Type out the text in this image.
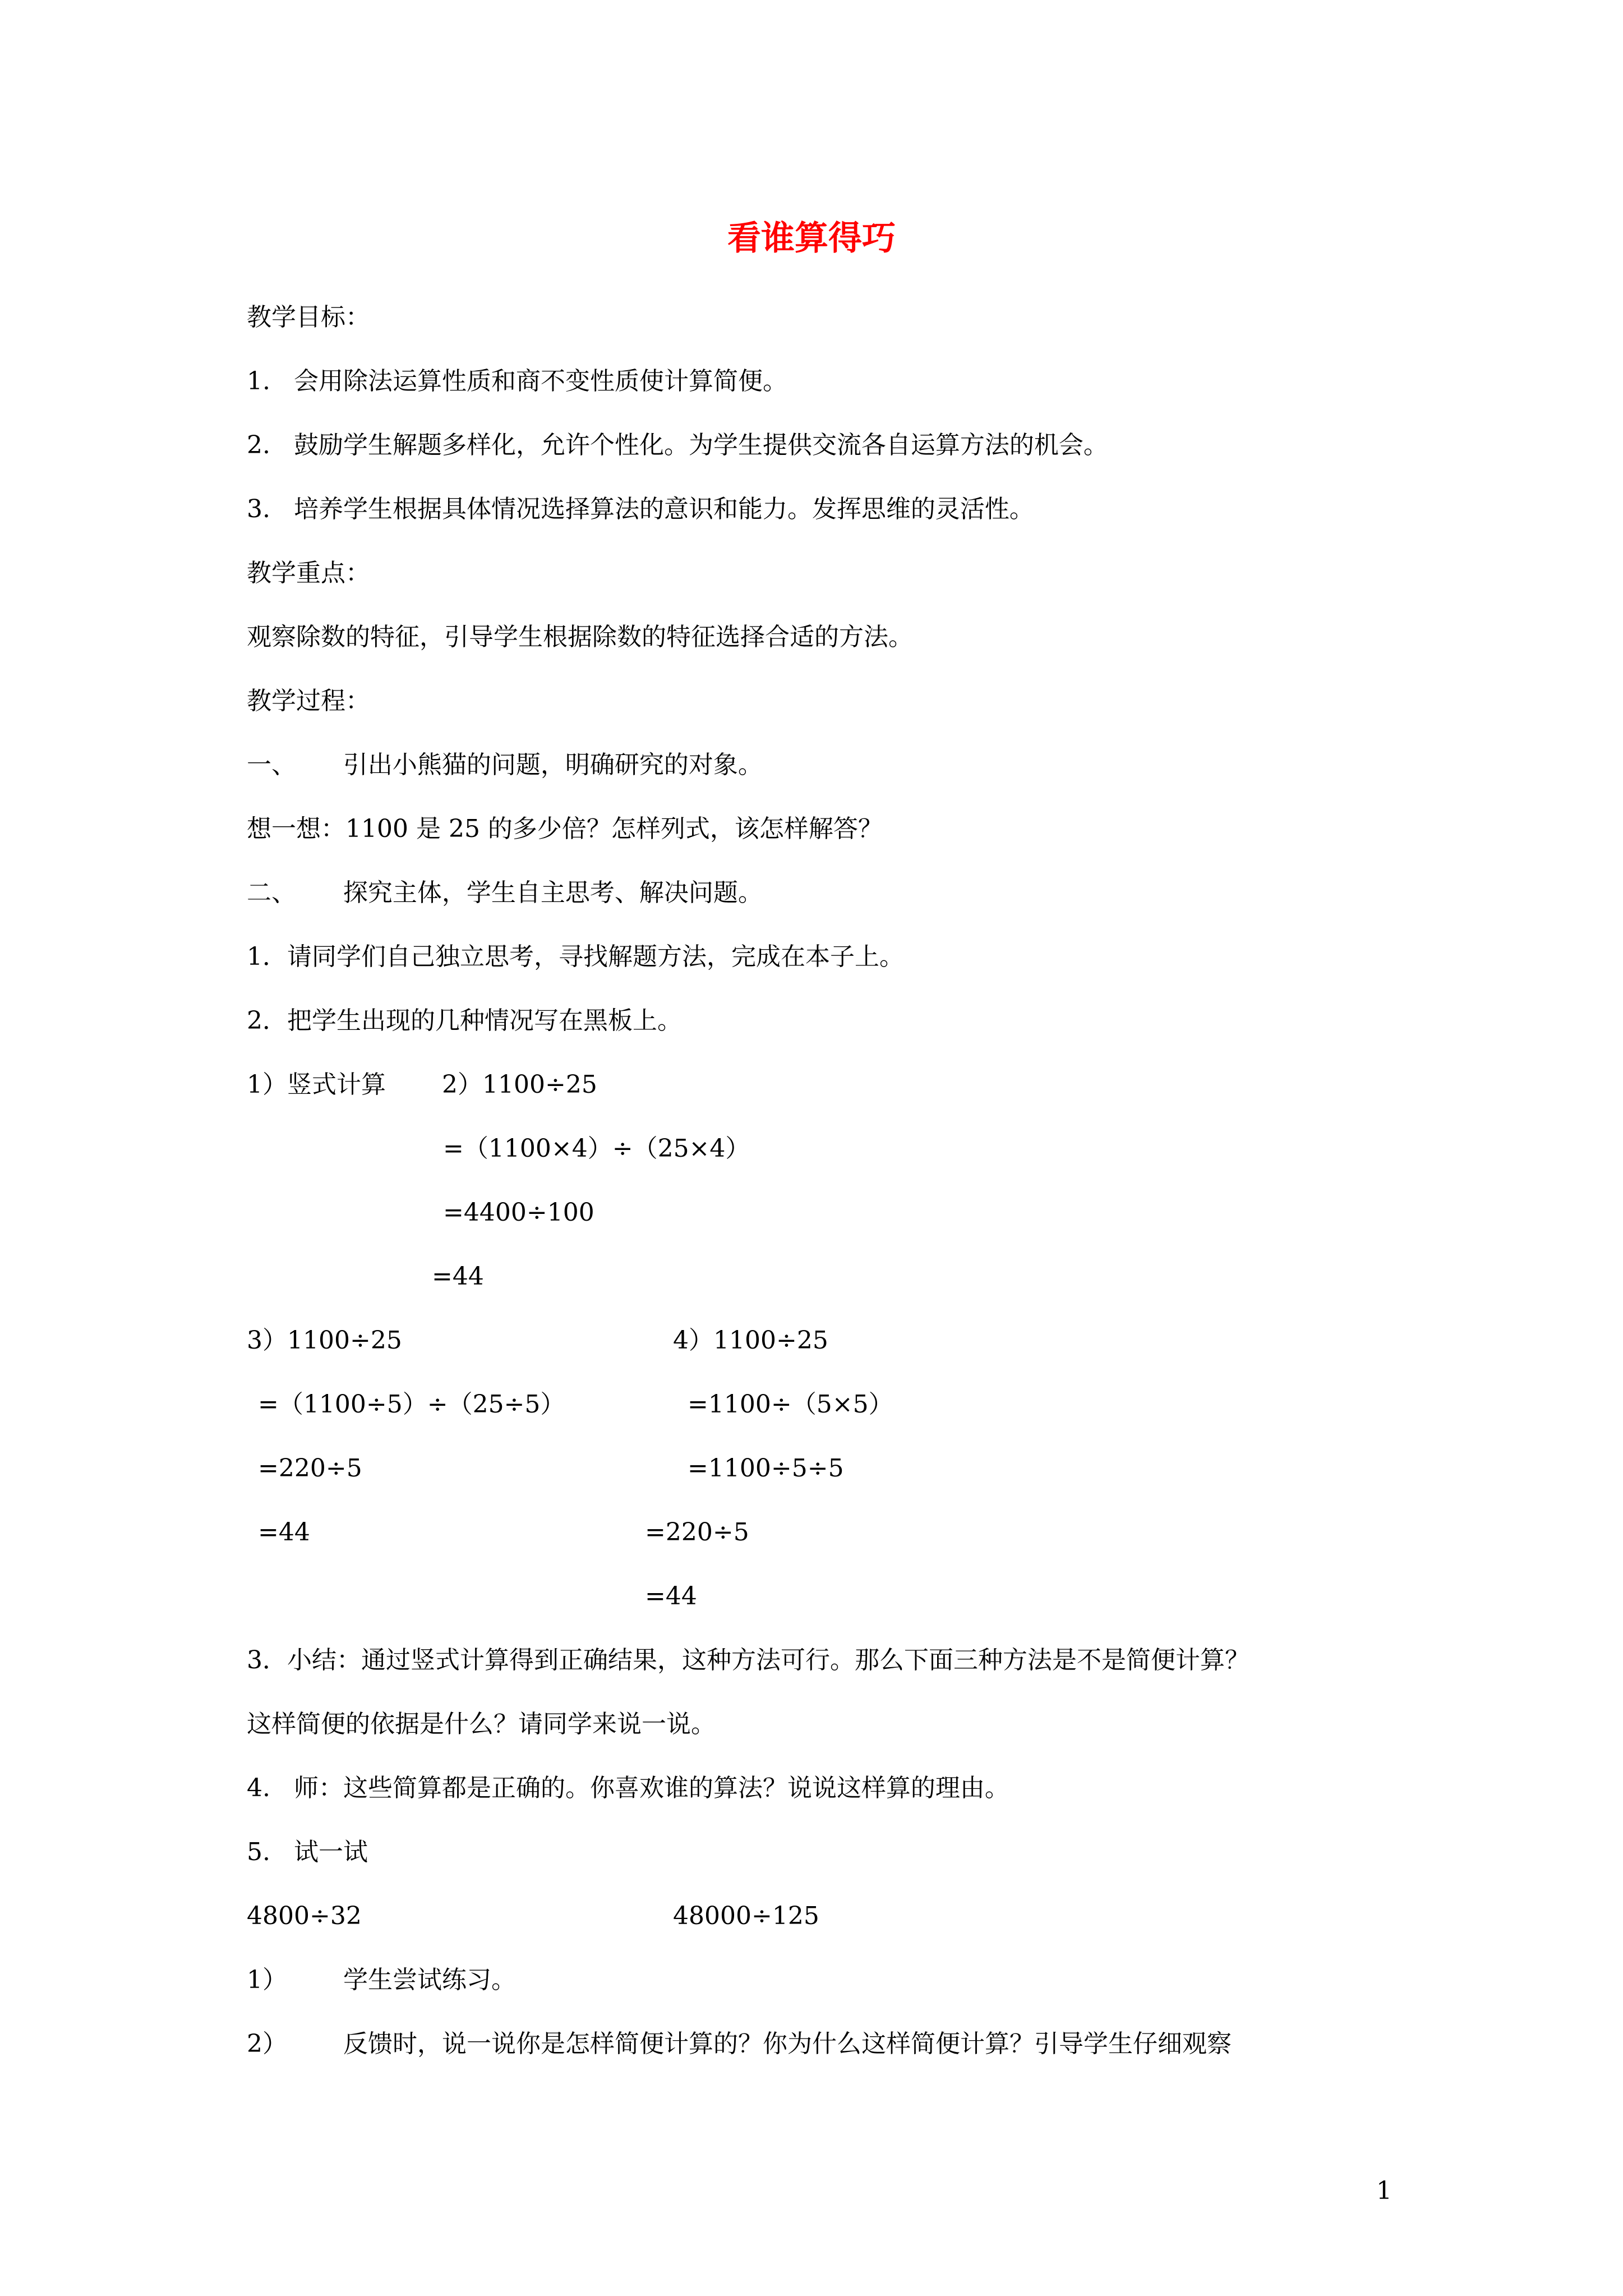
看谁算得巧
教学目标：
1.   会用除法运算性质和商不变性质使计算简便。
2.   鼓励学生解题多样化，允许个性化。为学生提供交流各自运算方法的机会。
3.   培养学生根据具体情况选择算法的意识和能力。发挥思维的灵活性。
教学重点：
观察除数的特征，引导学生根据除数的特征选择合适的方法。
教学过程：
一、      引出小熊猫的问题，明确研究的对象。
想一想：1100 是 25 的多少倍？怎样列式，该怎样解答？
二、      探究主体，学生自主思考、解决问题。
1．请同学们自己独立思考，寻找解题方法，完成在本子上。
2．把学生出现的几种情况写在黑板上。
1）竖式计算 2）1100÷25
=（1100×4）÷（25×4）
=4400÷100
=44
3）1100÷25	4）1100÷25
=（1100÷5）÷（25÷5）	=1100÷（5×5）
=220÷5	=1100÷5÷5
=44	=220÷5
=44
3．小结：通过竖式计算得到正确结果，这种方法可行。那么下面三种方法是不是简便计算？
这样简便的依据是什么？请同学来说一说。
4.   师：这些简算都是正确的。你喜欢谁的算法？说说这样算的理由。
5.   试一试
4800÷32	48000÷125
1） 学生尝试练习。
2） 反馈时，说一说你是怎样简便计算的？你为什么这样简便计算？引导学生仔细观察
1
